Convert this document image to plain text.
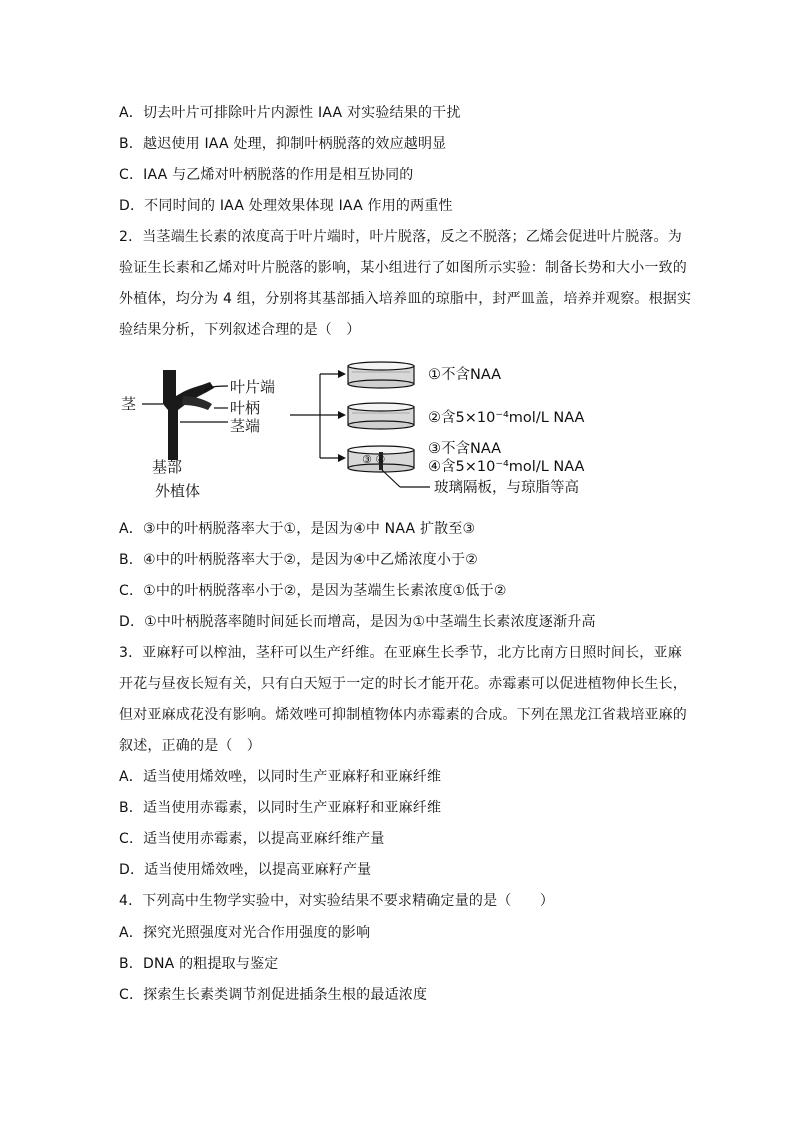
A．切去叶片可排除叶片内源性 IAA 对实验结果的干扰
B．越迟使用 IAA 处理，抑制叶柄脱落的效应越明显
C．IAA 与乙烯对叶柄脱落的作用是相互协同的
D．不同时间的 IAA 处理效果体现 IAA 作用的两重性
2．当茎端生长素的浓度高于叶片端时，叶片脱落，反之不脱落；乙烯会促进叶片脱落。为
验证生长素和乙烯对叶片脱落的影响，某小组进行了如图所示实验：制备长势和大小一致的
外植体，均分为 4 组，分别将其基部插入培养皿的琼脂中，封严皿盖，培养并观察。根据实
验结果分析，下列叙述合理的是（　）
茎
叶片端
叶柄
茎端
基部
外植体
①不含NAA
②含5×10⁻⁴mol/L NAA
③不含NAA
④含5×10⁻⁴mol/L NAA
③ ④
玻璃隔板，与琼脂等高
A．③中的叶柄脱落率大于①，是因为④中 NAA 扩散至③
B．④中的叶柄脱落率大于②，是因为④中乙烯浓度小于②
C．①中的叶柄脱落率小于②，是因为茎端生长素浓度①低于②
D．①中叶柄脱落率随时间延长而增高，是因为①中茎端生长素浓度逐渐升高
3．亚麻籽可以榨油，茎秆可以生产纤维。在亚麻生长季节，北方比南方日照时间长，亚麻
开花与昼夜长短有关，只有白天短于一定的时长才能开花。赤霉素可以促进植物伸长生长，
但对亚麻成花没有影响。烯效唑可抑制植物体内赤霉素的合成。下列在黑龙江省栽培亚麻的
叙述，正确的是（　）
A．适当使用烯效唑，以同时生产亚麻籽和亚麻纤维
B．适当使用赤霉素，以同时生产亚麻籽和亚麻纤维
C．适当使用赤霉素，以提高亚麻纤维产量
D．适当使用烯效唑，以提高亚麻籽产量
4．下列高中生物学实验中，对实验结果不要求精确定量的是（　　）
A．探究光照强度对光合作用强度的影响
B．DNA 的粗提取与鉴定
C．探索生长素类调节剂促进插条生根的最适浓度
